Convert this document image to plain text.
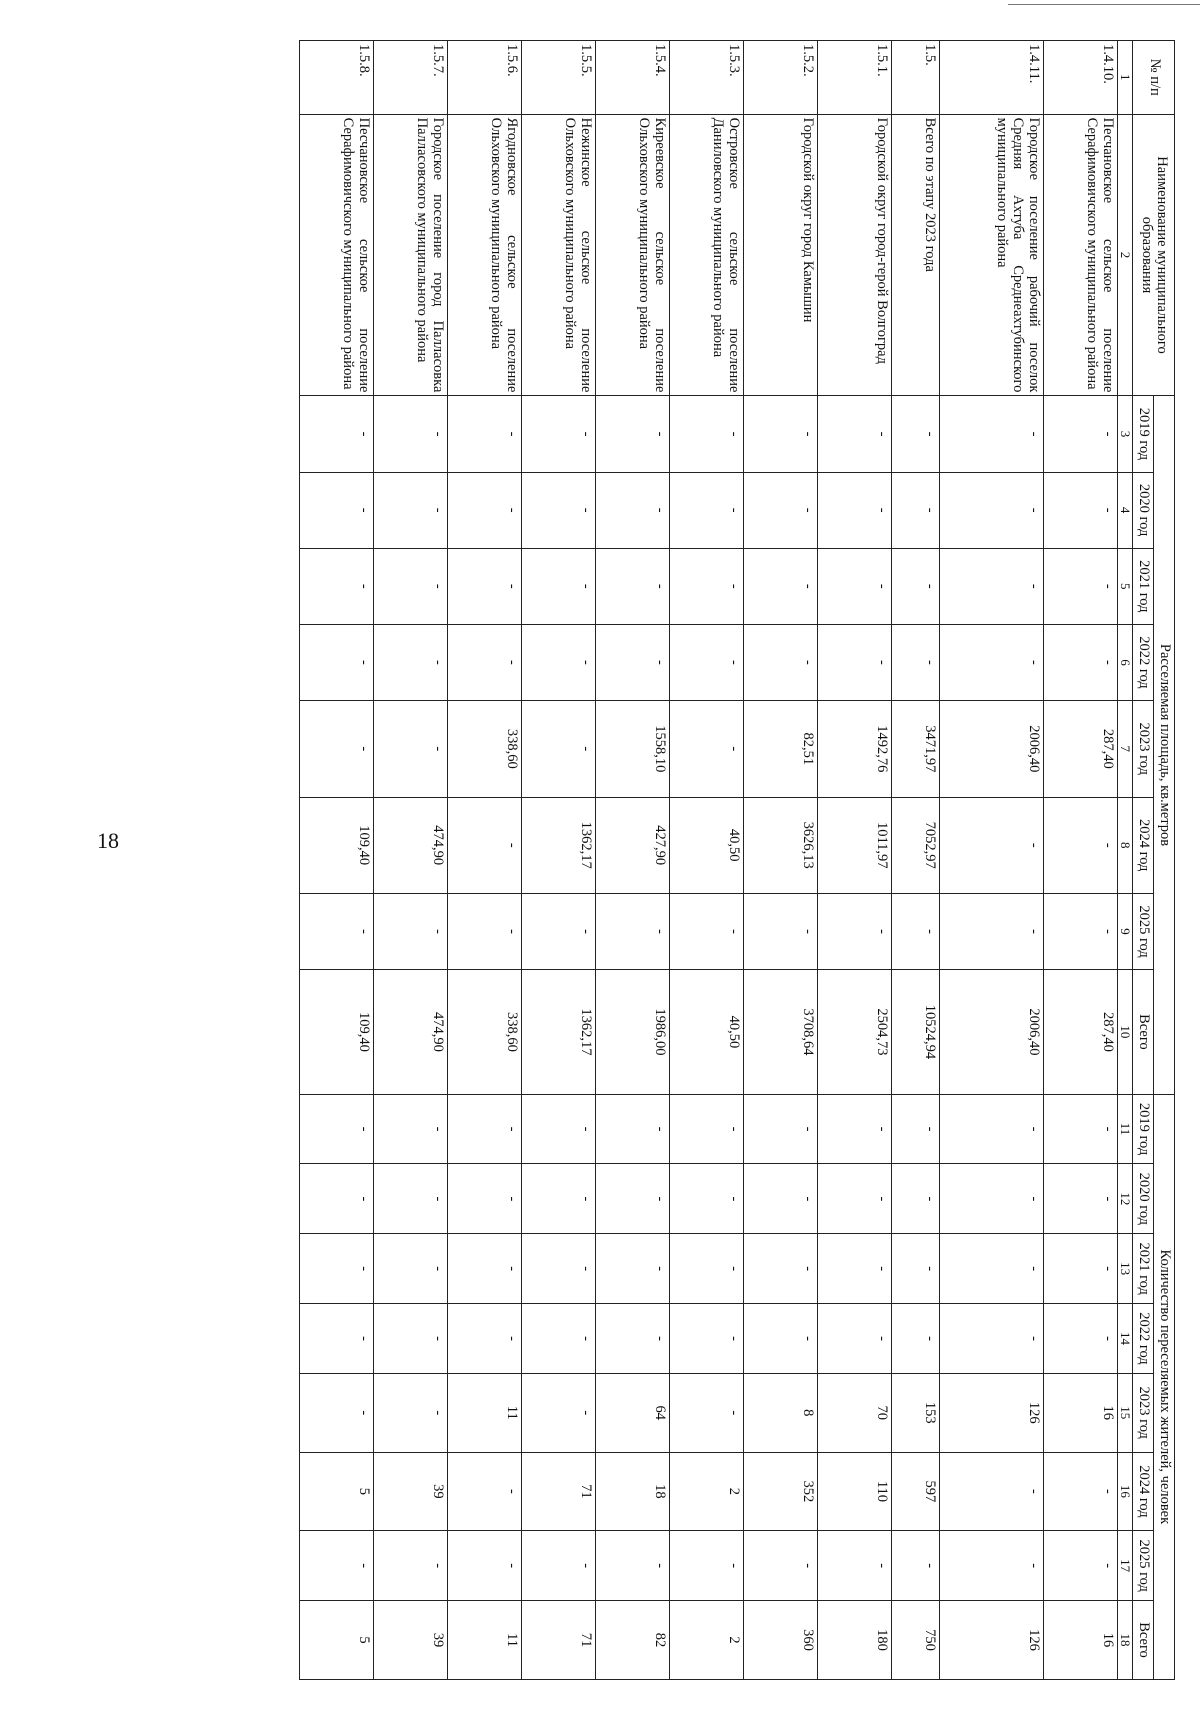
18
№ п/п	Наименование муниципального образования	Расселяемая площадь, кв.метров								Количество переселяемых жителей, человек							
		2019 год	2020 год	2021 год	2022 год	2023 год	2024 год	2025 год	Всего	2019 год	2020 год	2021 год	2022 год	2023 год	2024 год	2025 год	Всего
1	2	3	4	5	6	7	8	9	10	11	12	13	14	15	16	17	18
1.4.10.	Песчановское сельское поселение Серафимовичского муниципального района	-	-	-	-	287,40	-	-	287,40	-	-	-	-	16	-	-	16
1.4.11.	Городское поселение рабочий поселок Средняя Ахтуба Среднеахтубинского муниципального района	-	-	-	-	2006,40	-	-	2006,40	-	-	-	-	126	-	-	126
1.5.	Всего по этапу 2023 года	-	-	-	-	3471,97	7052,97	-	10524,94	-	-	-	-	153	597	-	750
1.5.1.	Городской округ город-герой Волгоград	-	-	-	-	1492,76	1011,97	-	2504,73	-	-	-	-	70	110	-	180
1.5.2.	Городской округ город Камышин	-	-	-	-	82,51	3626,13	-	3708,64	-	-	-	-	8	352	-	360
1.5.3.	Островское сельское поселение Даниловского муниципального района	-	-	-	-	-	40,50	-	40,50	-	-	-	-	-	2	-	2
1.5.4.	Киреевское сельское поселение Ольховского муниципального района	-	-	-	-	1558,10	427,90	-	1986,00	-	-	-	-	64	18	-	82
1.5.5.	Нежинское сельское поселение Ольховского муниципального района	-	-	-	-	-	1362,17	-	1362,17	-	-	-	-	-	71	-	71
1.5.6.	Ягодновское сельское поселение Ольховского муниципального района	-	-	-	-	338,60	-	-	338,60	-	-	-	-	11	-	-	11
1.5.7.	Городское поселение город Палласовка Палласовского муниципального района	-	-	-	-	-	474,90	-	474,90	-	-	-	-	-	39	-	39
1.5.8.	Песчановское сельское поселение Серафимовичского муниципального района	-	-	-	-	-	109,40	-	109,40	-	-	-	-	-	5	-	5
